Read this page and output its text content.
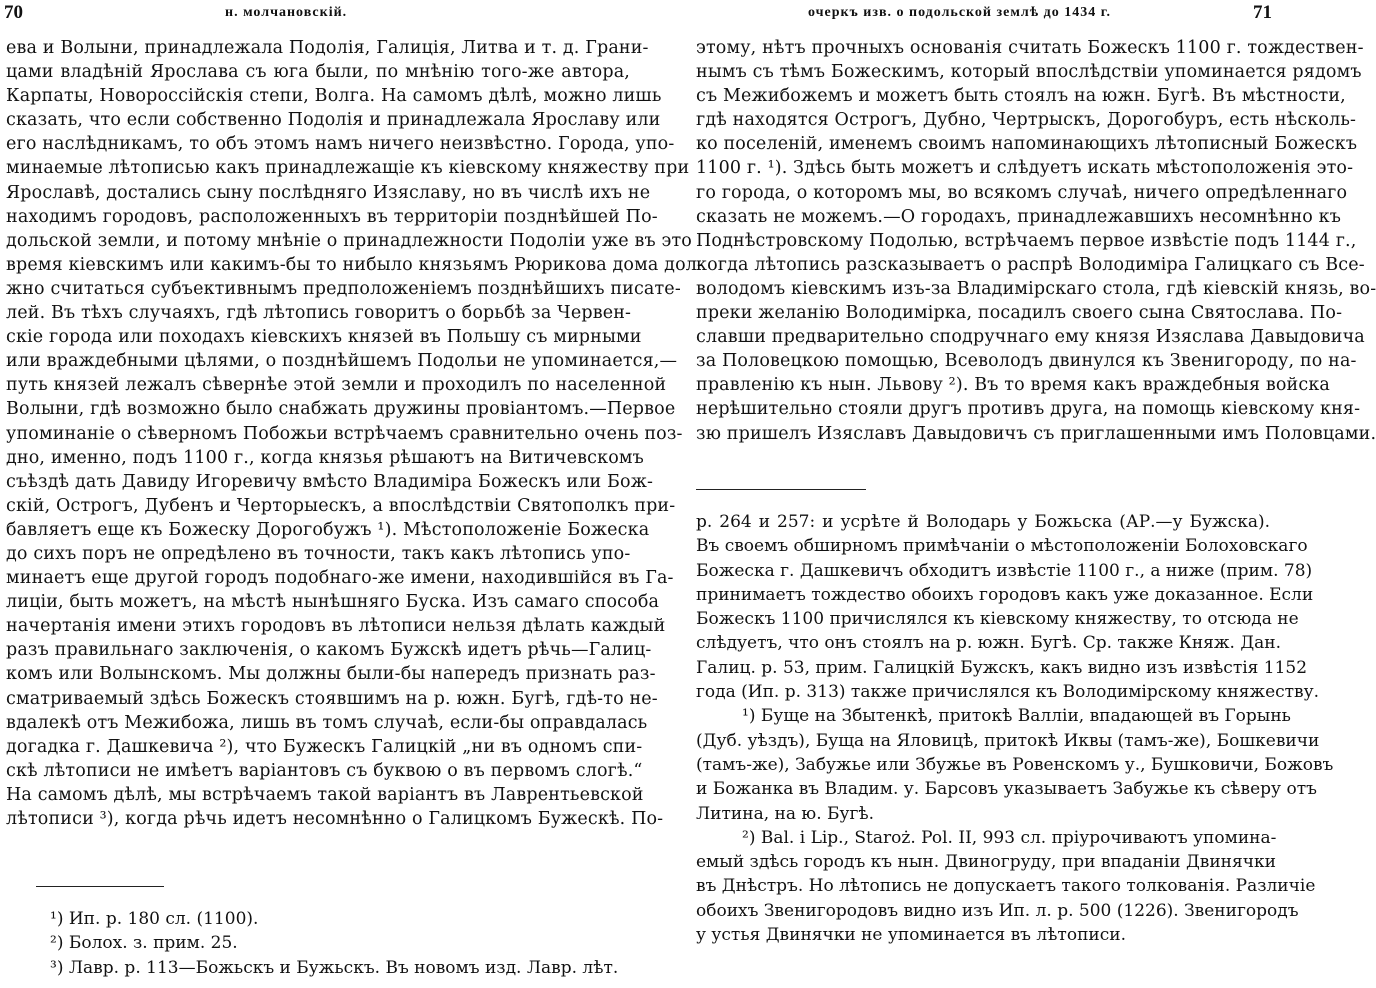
70	н. молчановскій.
ева и Волыни, принадлежала Подолія, Галиція, Литва и т. д. Грани-
цами владѣній Ярослава съ юга были, по мнѣнію того-же автора,
Карпаты, Новороссійскія степи, Волга. На самомъ дѣлѣ, можно лишь
сказать, что если собственно Подолія и принадлежала Ярославу или
его наслѣдникамъ, то объ этомъ намъ ничего неизвѣстно. Города, упо-
минаемые лѣтописью какъ принадлежащіе къ кіевскому княжеству при
Ярославѣ, достались сыну послѣдняго Изяславу, но въ числѣ ихъ не
находимъ городовъ, расположенныхъ въ территоріи позднѣйшей По-
дольской земли, и потому мнѣніе о принадлежности Подоліи уже въ это
время кіевскимъ или какимъ-бы то нибыло князьямъ Рюрикова дома дол-
жно считаться субъективнымъ предположеніемъ позднѣйшихъ писате-
лей. Въ тѣхъ случаяхъ, гдѣ лѣтопись говоритъ о борьбѣ за Червен-
скіе города или походахъ кіевскихъ князей въ Польшу съ мирными
или враждебными цѣлями, о позднѣйшемъ Подольи не упоминается,—
путь князей лежалъ сѣвернѣе этой земли и проходилъ по населенной
Волыни, гдѣ возможно было снабжать дружины провіантомъ.—Первое
упоминаніе о сѣверномъ Побожьи встрѣчаемъ сравнительно очень поз-
дно, именно, подъ 1100 г., когда князья рѣшаютъ на Витичевскомъ
съѣздѣ дать Давиду Игоревичу вмѣсто Владиміра Божескъ или Бож-
скій, Острогъ, Дубенъ и Черторыескъ, а впослѣдствіи Святополкъ при-
бавляетъ еще къ Божеску Дорогобужъ ¹). Мѣстоположеніе Божеска
до сихъ поръ не опредѣлено въ точности, такъ какъ лѣтопись упо-
минаетъ еще другой городъ подобнаго-же имени, находившійся въ Га-
лиціи, быть можетъ, на мѣстѣ нынѣшняго Буска. Изъ самаго способа
начертанія имени этихъ городовъ въ лѣтописи нельзя дѣлать каждый
разъ правильнаго заключенія, о какомъ Бужскѣ идетъ рѣчь—Галиц-
комъ или Волынскомъ. Мы должны были-бы напередъ признать раз-
сматриваемый здѣсь Божескъ стоявшимъ на р. южн. Бугѣ, гдѣ-то не-
вдалекѣ отъ Межибожа, лишь въ томъ случаѣ, если-бы оправдалась
догадка г. Дашкевича ²), что Бужескъ Галицкій „ни въ одномъ спи-
скѣ лѣтописи не имѣетъ варіантовъ съ буквою о въ первомъ слогѣ.“
На самомъ дѣлѣ, мы встрѣчаемъ такой варіантъ въ Лаврентьевской
лѣтописи ³), когда рѣчь идетъ несомнѣнно о Галицкомъ Бужескѣ. По-
¹) Ип. р. 180 сл. (1100).
²) Болох. з. прим. 25.
³) Лавр. р. 113—Божьскъ и Бужьскъ. Въ новомъ изд. Лавр. лѣт.
очеркъ изв. о подольской землѣ до 1434 г.	71
этому, нѣтъ прочныхъ основанія считать Божескъ 1100 г. тождествен-
нымъ съ тѣмъ Божескимъ, который впослѣдствіи упоминается рядомъ
съ Межибожемъ и можетъ быть стоялъ на южн. Бугѣ. Въ мѣстности,
гдѣ находятся Острогъ, Дубно, Чертрыскъ, Дорогобуръ, есть нѣсколь-
ко поселеній, именемъ своимъ напоминающихъ лѣтописный Божескъ
1100 г. ¹). Здѣсь быть можетъ и слѣдуетъ искать мѣстоположенія это-
го города, о которомъ мы, во всякомъ случаѣ, ничего опредѣленнаго
сказать не можемъ.—О городахъ, принадлежавшихъ несомнѣнно къ
Поднѣстровскому Подолью, встрѣчаемъ первое извѣстіе подъ 1144 г.,
когда лѣтопись разсказываетъ о распрѣ Володиміра Галицкаго съ Все-
володомъ кіевскимъ изъ-за Владимірскаго стола, гдѣ кіевскій князь, во-
преки желанію Володимірка, посадилъ своего сына Святослава. По-
славши предварительно сподручнаго ему князя Изяслава Давыдовича
за Половецкою помощью, Всеволодъ двинулся къ Звенигороду, по на-
правленію къ нын. Львову ²). Въ то время какъ враждебныя войска
нерѣшительно стояли другъ противъ друга, на помощь кіевскому кня-
зю пришелъ Изяславъ Давыдовичъ съ приглашенными имъ Половцами.
р. 264 и 257: и усрѣте й Володарь у Божьска (АР.—у Бужска).
Въ своемъ обширномъ примѣчаніи о мѣстоположеніи Болоховскаго
Божеска г. Дашкевичъ обходитъ извѣстіе 1100 г., а ниже (прим. 78)
принимаетъ тождество обоихъ городовъ какъ уже доказанное. Если
Божескъ 1100 причислялся къ кіевскому княжеству, то отсюда не
слѣдуетъ, что онъ стоялъ на р. южн. Бугѣ. Ср. также Княж. Дан.
Галиц. р. 53, прим. Галицкій Бужскъ, какъ видно изъ извѣстія 1152
года (Ип. р. 313) также причислялся къ Володимірскому княжеству.
¹) Буще на Збытенкѣ, притокѣ Валліи, впадающей въ Горынь
(Дуб. уѣздъ), Буща на Яловицѣ, притокѣ Иквы (тамъ-же), Бошкевичи
(тамъ-же), Забужье или Збужье въ Ровенскомъ у., Бушковичи, Божовъ
и Божанка въ Владим. у. Барсовъ указываетъ Забужье къ сѣверу отъ
Литина, на ю. Бугѣ.
²) Bal. i Lip., Staroż. Pol. II, 993 сл. пріурочиваютъ упомина-
емый здѣсь городъ къ нын. Двиногруду, при впаданіи Двинячки
въ Днѣстръ. Но лѣтопись не допускаетъ такого толкованія. Различіе
обоихъ Звенигородовъ видно изъ Ип. л. р. 500 (1226). Звенигородъ
у устья Двинячки не упоминается въ лѣтописи.
